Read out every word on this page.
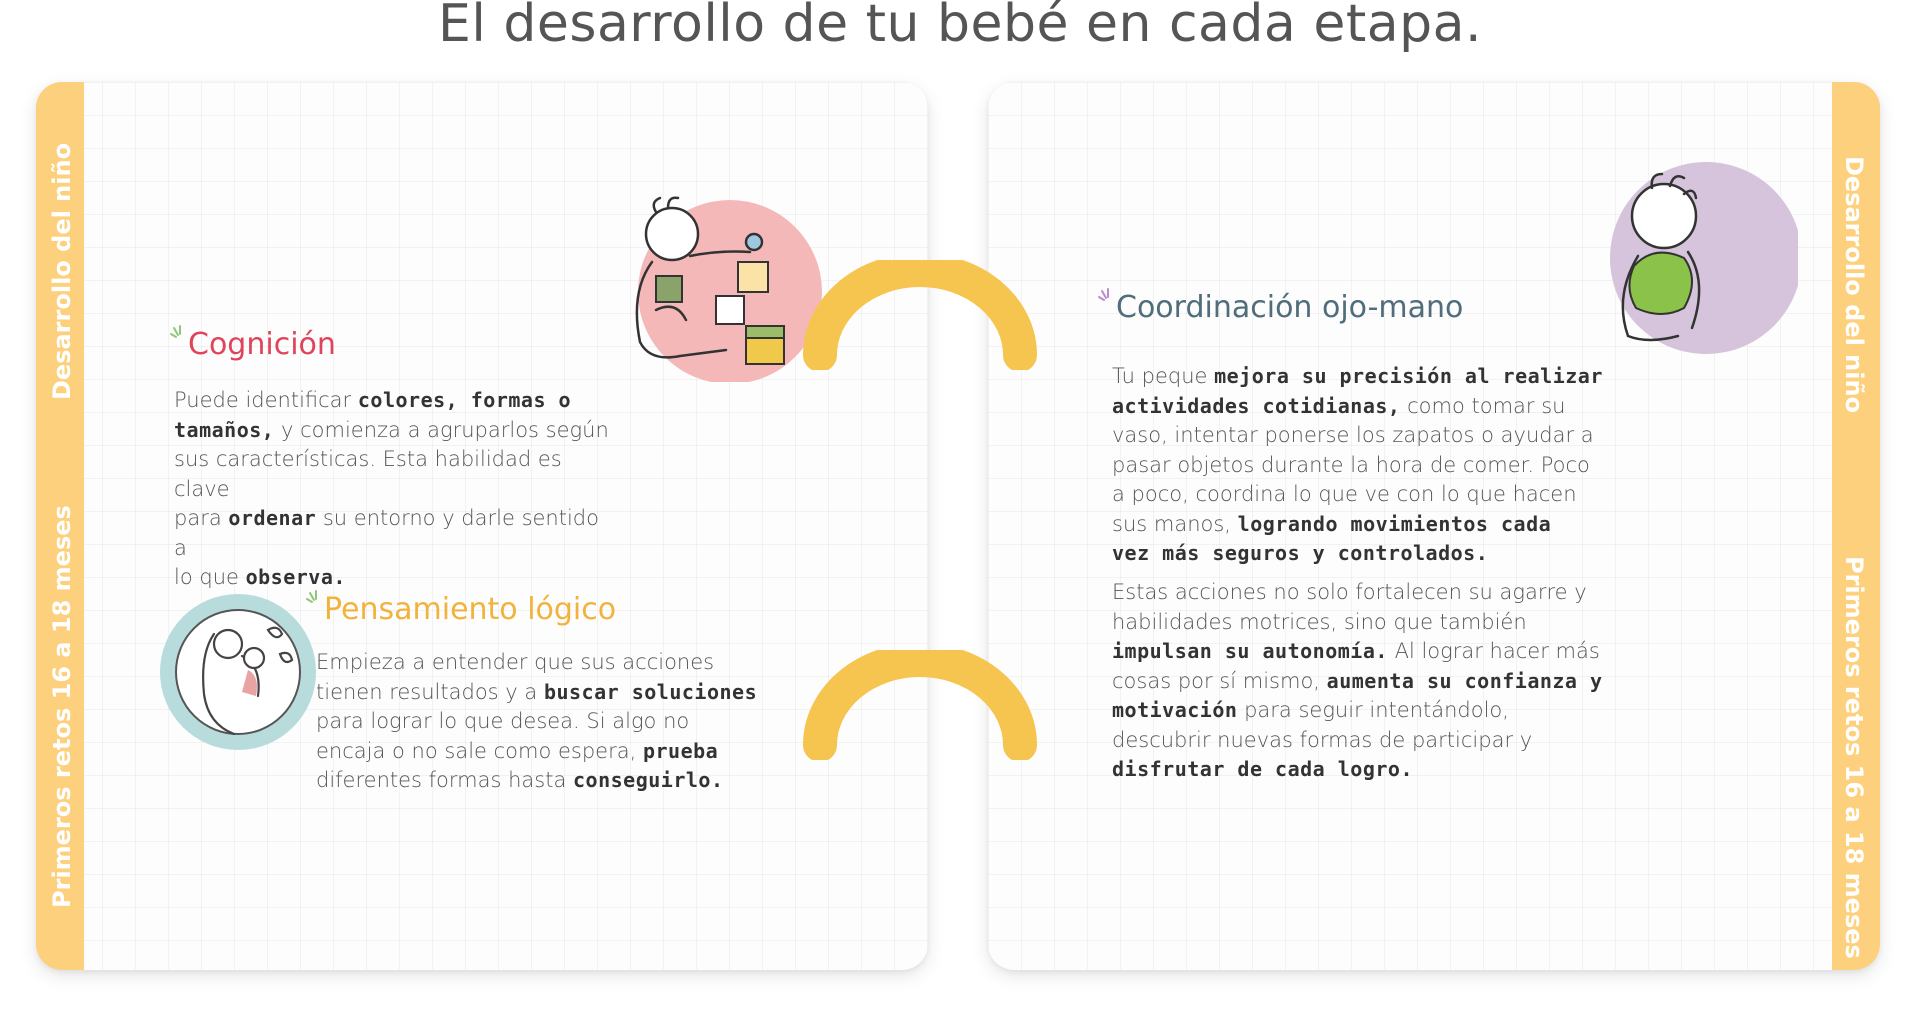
El desarrollo de tu bebé en cada etapa.
Desarrollo del niño
Primeros retos 16 a 18 meses
Cognición
Puede identificar colores, formas o
tamaños, y comienza a agruparlos según
sus características. Esta habilidad es clave
para ordenar su entorno y darle sentido a
lo que observa.
Pensamiento lógico
Empieza a entender que sus acciones
tienen resultados y a buscar soluciones
para lograr lo que desea. Si algo no
encaja o no sale como espera, prueba
diferentes formas hasta conseguirlo.
Desarrollo del niño
Primeros retos 16 a 18 meses
Coordinación ojo-mano
Tu peque mejora su precisión al realizar
actividades cotidianas, como tomar su
vaso, intentar ponerse los zapatos o ayudar a
pasar objetos durante la hora de comer. Poco
a poco, coordina lo que ve con lo que hacen
sus manos, logrando movimientos cada
vez más seguros y controlados.
Estas acciones no solo fortalecen su agarre y
habilidades motrices, sino que también
impulsan su autonomía. Al lograr hacer más
cosas por sí mismo, aumenta su confianza y
motivación para seguir intentándolo,
descubrir nuevas formas de participar y
disfrutar de cada logro.
